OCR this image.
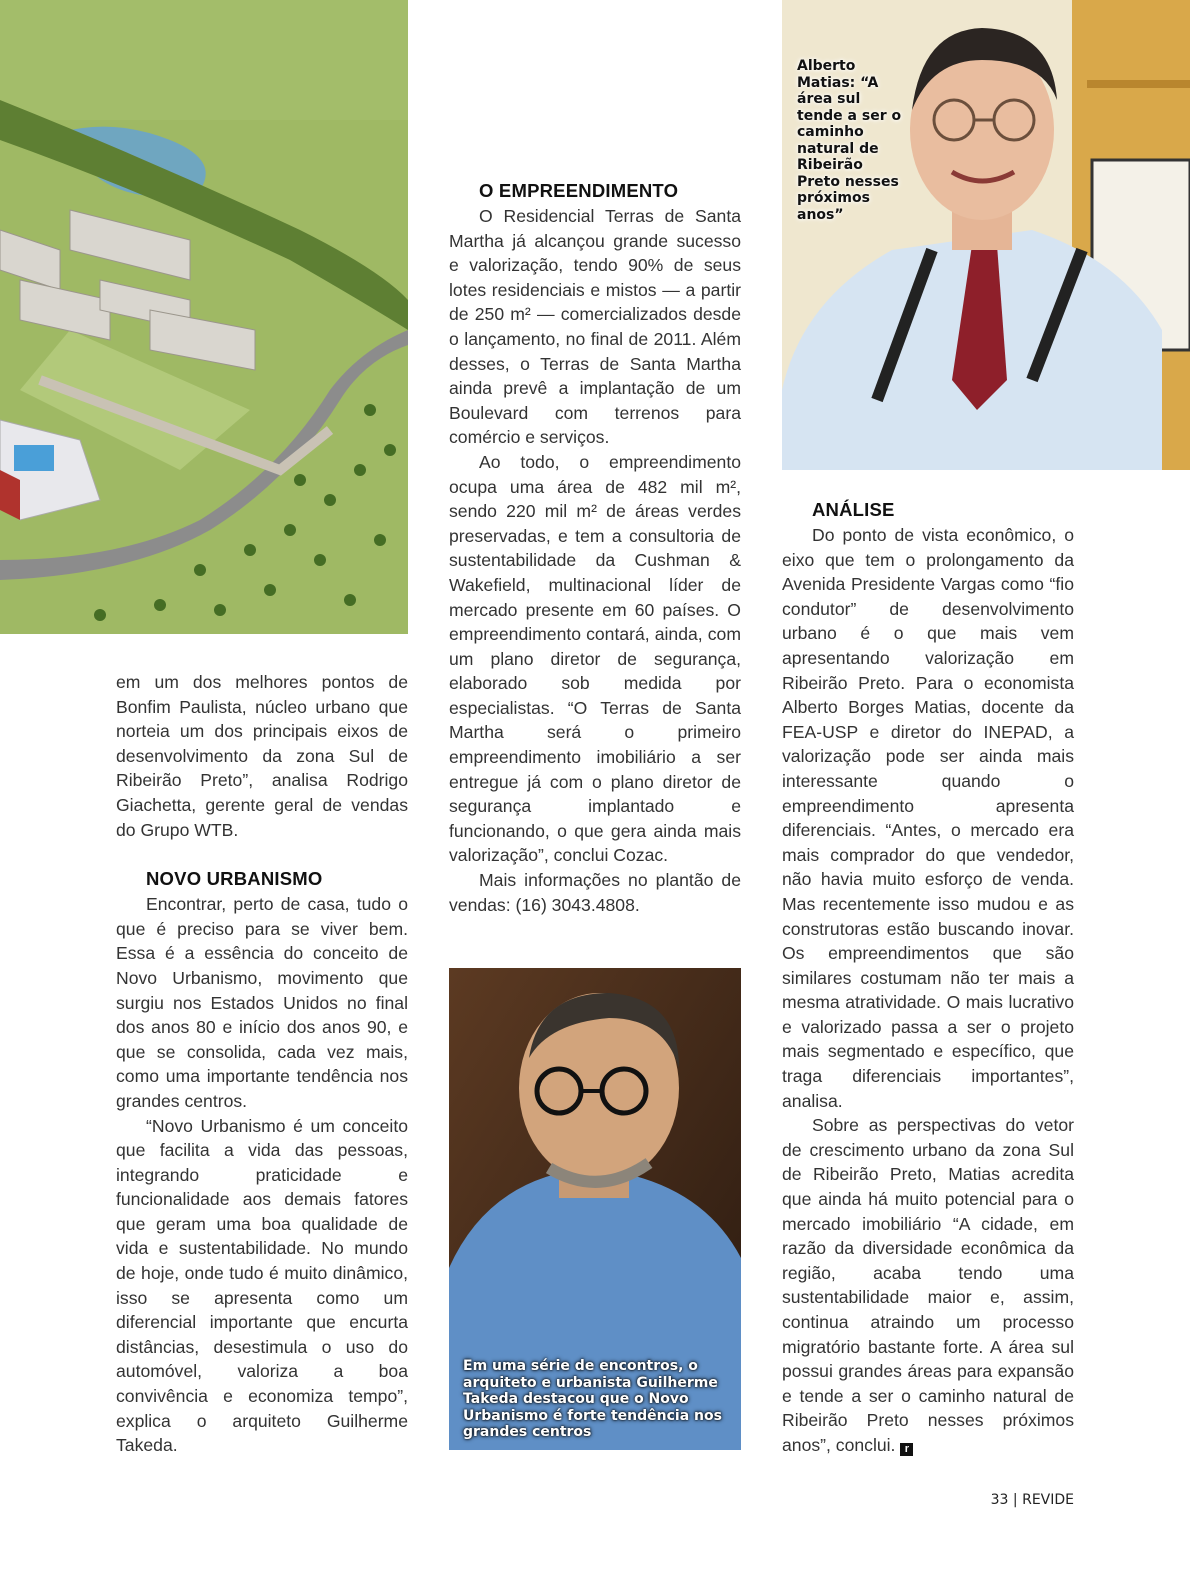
Alberto Matias: “A área sul tende a ser o caminho natural de Ribeirão Preto nesses próximos anos”
Em uma série de encontros, o arquiteto e urbanista Guilherme Takeda destacou que o Novo Urbanismo é forte tendência nos grandes centros

em um dos melhores pontos de Bonfim Paulista, núcleo urbano que norteia um dos principais eixos de desenvolvimento da zona Sul de Ribeirão Preto”, analisa Rodrigo Giachetta, gerente geral de vendas do Grupo WTB.

NOVO URBANISMO

Encontrar, perto de casa, tudo o que é preciso para se viver bem. Essa é a essência do conceito de Novo Urbanismo, movimento que surgiu nos Estados Unidos no final dos anos 80 e início dos anos 90, e que se consolida, cada vez mais, como uma importante tendência nos grandes centros.

“Novo Urbanismo é um conceito que facilita a vida das pessoas, integrando praticidade e funcionalidade aos demais fatores que geram uma boa qualidade de vida e sustentabilidade. No mundo de hoje, onde tudo é muito dinâmico, isso se apresenta como um diferencial importante que encurta distâncias, desestimula o uso do automóvel, valoriza a boa convivência e economiza tempo”, explica o arquiteto Guilherme Takeda.

O EMPREENDIMENTO

O Residencial Terras de Santa Martha já alcançou grande sucesso e valorização, tendo 90% de seus lotes residenciais e mistos — a partir de 250 m² — comercializados desde o lançamento, no final de 2011. Além desses, o Terras de Santa Martha ainda prevê a implantação de um Boulevard com terrenos para comércio e serviços.

Ao todo, o empreendimento ocupa uma área de 482 mil m², sendo 220 mil m² de áreas verdes preservadas, e tem a consultoria de sustentabilidade da Cushman & Wakefield, multinacional líder de mercado presente em 60 países. O empreendimento contará, ainda, com um plano diretor de segurança, elaborado sob medida por especialistas. “O Terras de Santa Martha será o primeiro empreendimento imobiliário a ser entregue já com o plano diretor de segurança implantado e funcionando, o que gera ainda mais valorização”, conclui Cozac.

Mais informações no plantão de vendas: (16) 3043.4808.

ANÁLISE

Do ponto de vista econômico, o eixo que tem o prolongamento da Avenida Presidente Vargas como “fio condutor” de desenvolvimento urbano é o que mais vem apresentando valorização em Ribeirão Preto. Para o economista Alberto Borges Matias, docente da FEA-USP e diretor do INEPAD, a valorização pode ser ainda mais interessante quando o empreendimento apresenta diferenciais. “Antes, o mercado era mais comprador do que vendedor, não havia muito esforço de venda. Mas recentemente isso mudou e as construtoras estão buscando inovar. Os empreendimentos que são similares costumam não ter mais a mesma atratividade. O mais lucrativo e valorizado passa a ser o projeto mais segmentado e específico, que traga diferenciais importantes”, analisa.

Sobre as perspectivas do vetor de crescimento urbano da zona Sul de Ribeirão Preto, Matias acredita que ainda há muito potencial para o mercado imobiliário “A cidade, em razão da diversidade econômica da região, acaba tendo uma sustentabilidade maior e, assim, continua atraindo um processo migratório bastante forte. A área sul possui grandes áreas para expansão e tende a ser o caminho natural de Ribeirão Preto nesses próximos anos”, conclui. r

33 | REVIDE
